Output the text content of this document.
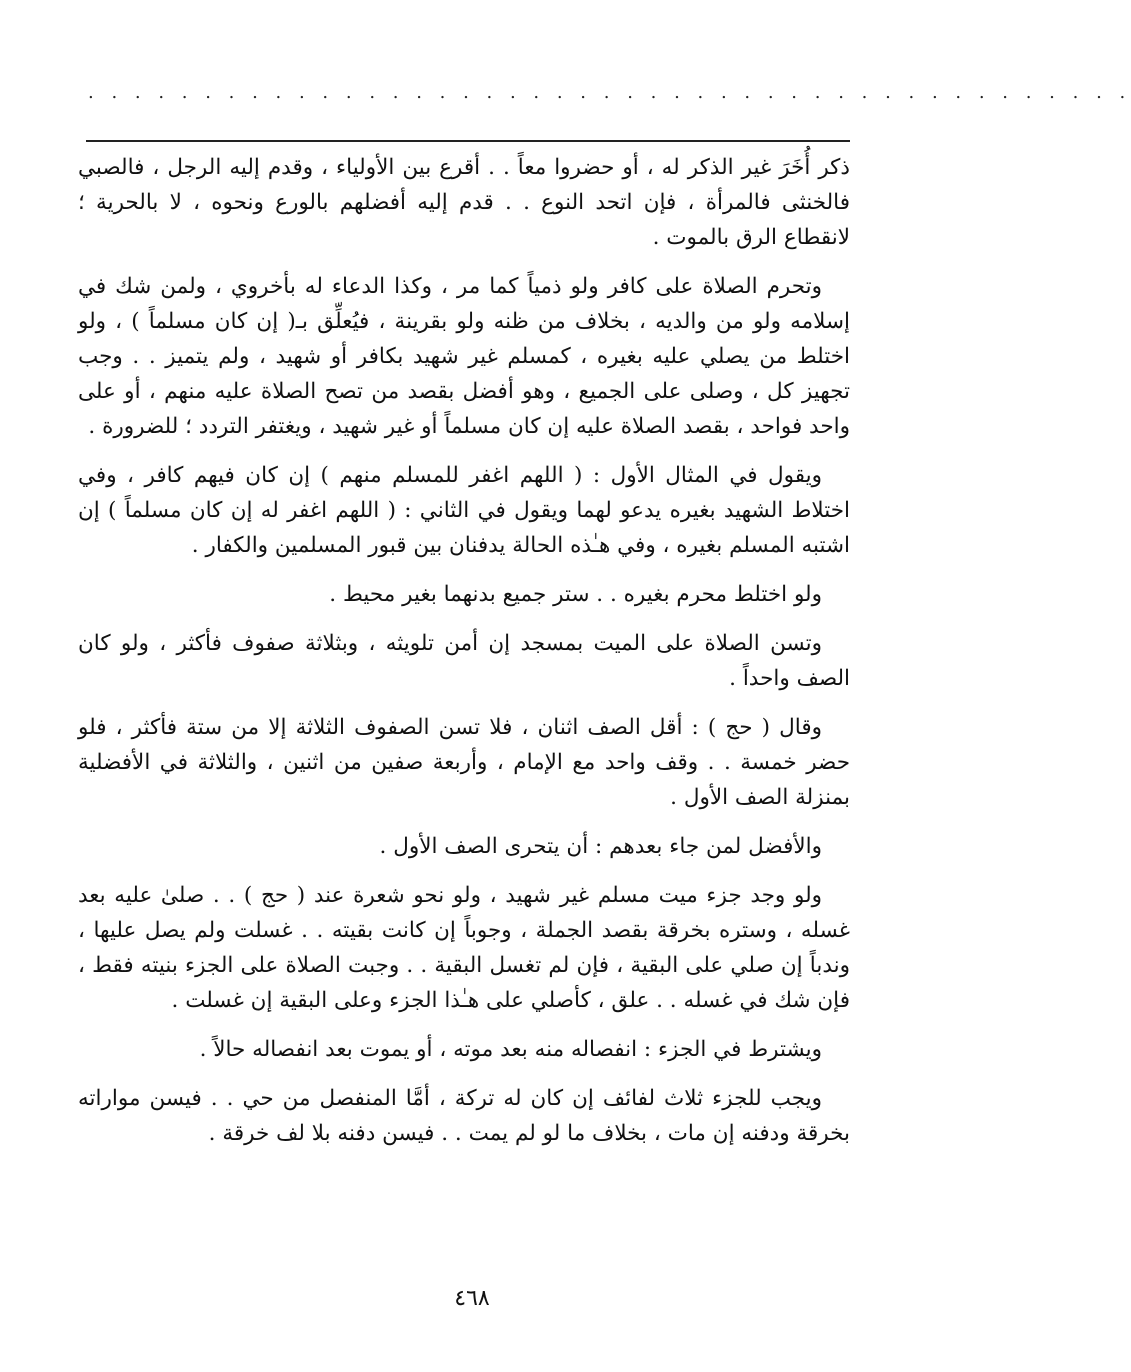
. . . . . . . . . . . . . . . . . . . . . . . . . . . . . . . . . . . . . . . . . . . . .

ذكر أُخَرَ غير الذكر له ، أو حضروا معاً . . أقرع بين الأولياء ، وقدم إليه الرجل ، فالصبي فالخنثى فالمرأة ، فإن اتحد النوع . . قدم إليه أفضلهم بالورع ونحوه ، لا بالحرية ؛ لانقطاع الرق بالموت .

وتحرم الصلاة على كافر ولو ذمياً كما مر ، وكذا الدعاء له بأخروي ، ولمن شك في إسلامه ولو من والديه ، بخلاف من ظنه ولو بقرينة ، فيُعلِّق بـ( إن كان مسلماً ) ، ولو اختلط من يصلي عليه بغيره ، كمسلم غير شهيد بكافر أو شهيد ، ولم يتميز . . وجب تجهيز كل ، وصلى على الجميع ، وهو أفضل بقصد من تصح الصلاة عليه منهم ، أو على واحد فواحد ، بقصد الصلاة عليه إن كان مسلماً أو غير شهيد ، ويغتفر التردد ؛ للضرورة .

ويقول في المثال الأول : ( اللهم اغفر للمسلم منهم ) إن كان فيهم كافر ، وفي اختلاط الشهيد بغيره يدعو لهما ويقول في الثاني : ( اللهم اغفر له إن كان مسلماً ) إن اشتبه المسلم بغيره ، وفي هـٰذه الحالة يدفنان بين قبور المسلمين والكفار .

ولو اختلط محرم بغيره . . ستر جميع بدنهما بغير محيط .

وتسن الصلاة على الميت بمسجد إن أمن تلويثه ، وبثلاثة صفوف فأكثر ، ولو كان الصف واحداً .

وقال ( حج ) : أقل الصف اثنان ، فلا تسن الصفوف الثلاثة إلا من ستة فأكثر ، فلو حضر خمسة . . وقف واحد مع الإمام ، وأربعة صفين من اثنين ، والثلاثة في الأفضلية بمنزلة الصف الأول .

والأفضل لمن جاء بعدهم : أن يتحرى الصف الأول .

ولو وجد جزء ميت مسلم غير شهيد ، ولو نحو شعرة عند ( حج ) . . صلىٰ عليه بعد غسله ، وستره بخرقة بقصد الجملة ، وجوباً إن كانت بقيته . . غسلت ولم يصل عليها ، وندباً إن صلي على البقية ، فإن لم تغسل البقية . . وجبت الصلاة على الجزء بنيته فقط ، فإن شك في غسله . . علق ، كأصلي على هـٰذا الجزء وعلى البقية إن غسلت .

ويشترط في الجزء : انفصاله منه بعد موته ، أو يموت بعد انفصاله حالاً .

ويجب للجزء ثلاث لفائف إن كان له تركة ، أمَّا المنفصل من حي . . فيسن مواراته بخرقة ودفنه إن مات ، بخلاف ما لو لم يمت . . فيسن دفنه بلا لف خرقة .

٤٦٨
